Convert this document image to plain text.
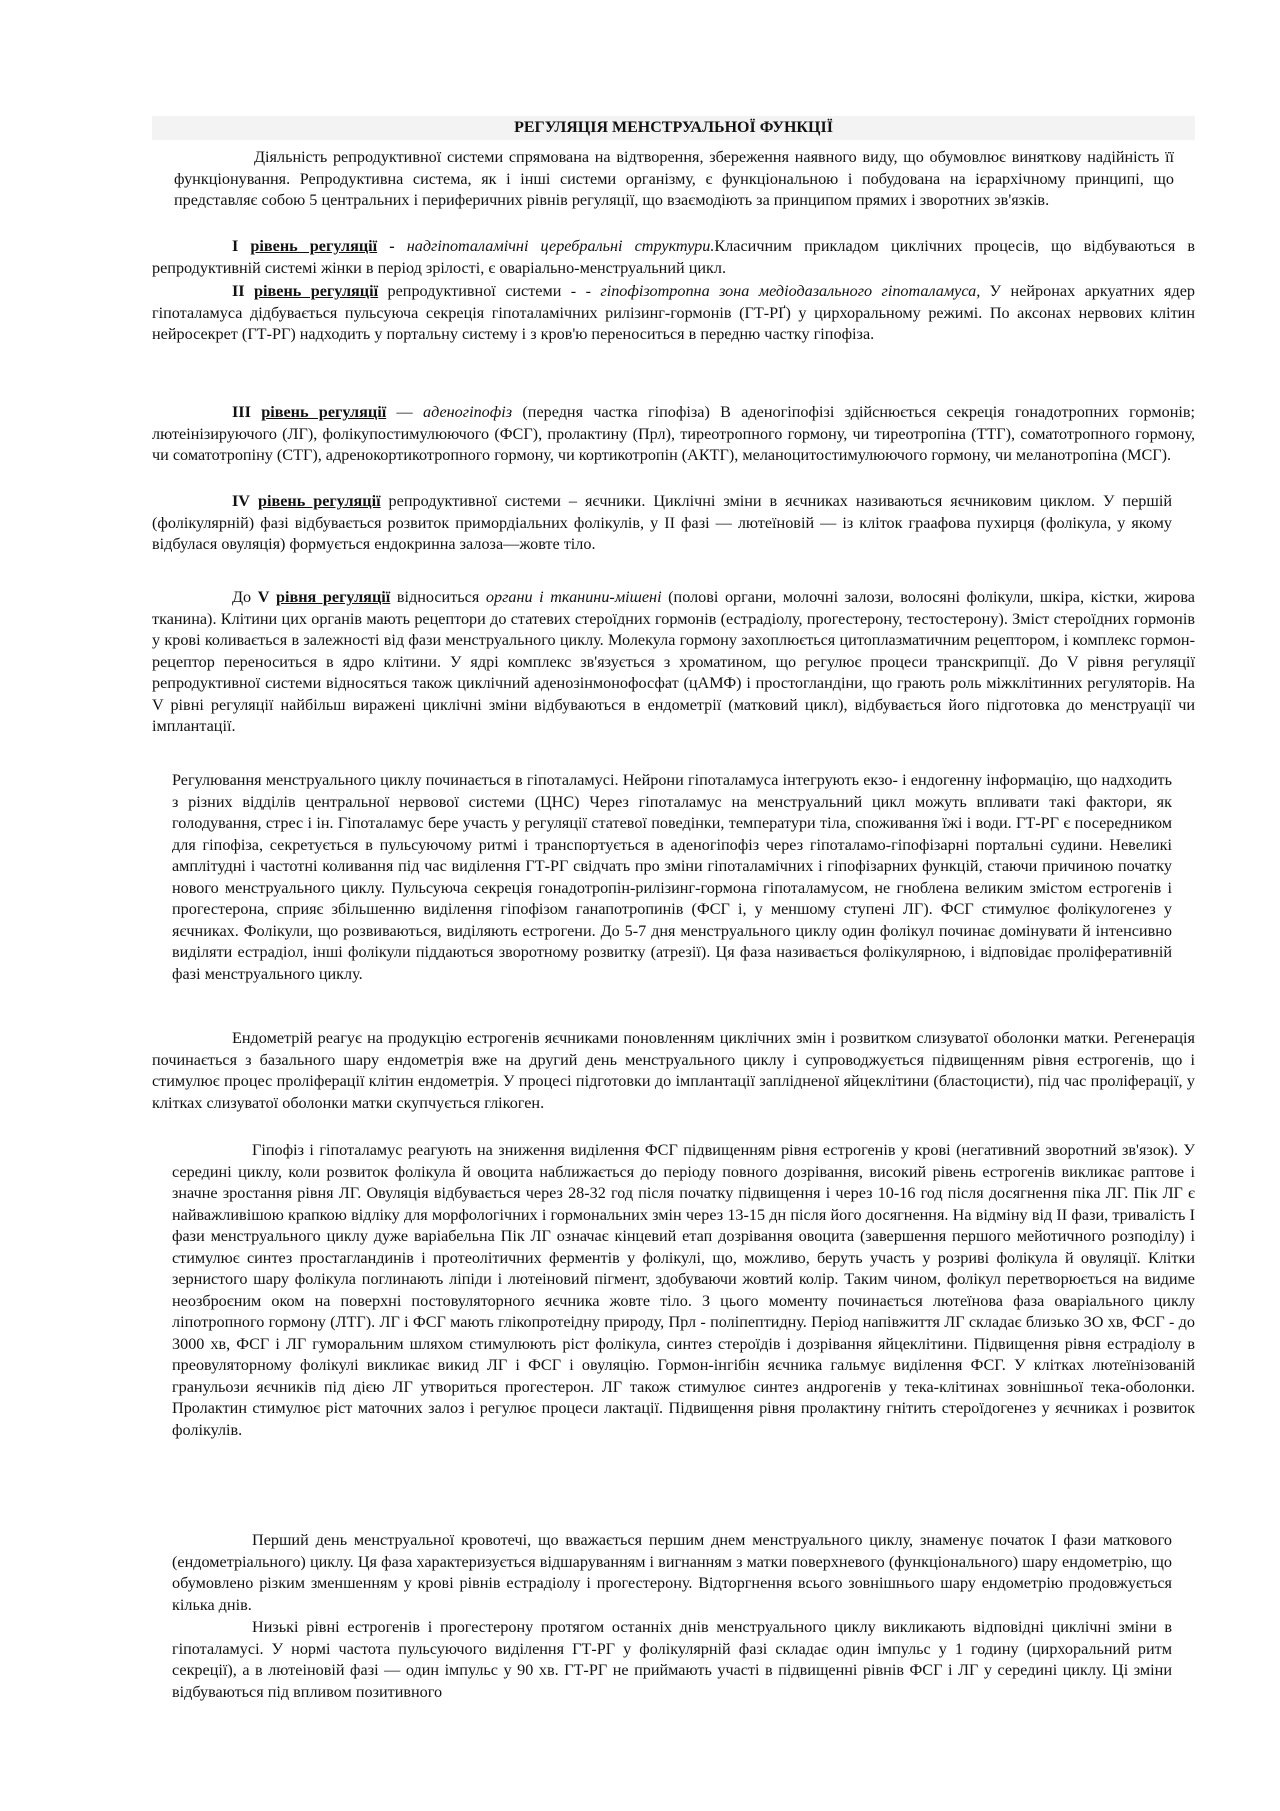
РЕГУЛЯЦІЯ МЕНСТРУАЛЬНОЇ ФУНКЦІЇ

Діяльність репродуктивної системи спрямована на відтворення, збереження наявного виду, що обумовлює виняткову надійність її функціонування. Репродуктивна система, як і інші системи організму, є функціональною і побудована на ієрархічному принципі, що представляє собою 5 центральних і периферичних рівнів регуляції, що взаємодіють за принципом прямих і зворотних зв'язків.

I рівень регуляції - надгіпоталамічні церебральні структури.Класичним прикладом циклічних процесів, що відбуваються в репродуктивній системі жінки в період зрілості, є оваріально-менструальний цикл.

II рівень регуляції репродуктивної системи - - гіпофізотропна зона медіодазального гіпоталамуса, У нейронах аркуатних ядер гіпоталамуса дідбувається пульсуюча секреція гіпоталамічних рилізинг-гормонів (ГТ-РҐ) у цирхоральному режимі. По аксонах нервових клітин нейросекрет (ГТ-РГ) надходить у портальну систему і з кров'ю переноситься в передню частку гіпофіза.

III рівень регуляції — аденогіпофіз (передня частка гіпофіза) В аденогіпофізі здійснюється секреція гонадотропних гормонів; лютеінізируючого (ЛГ), фолікупостимулюючого (ФСГ), пролактину (Прл), тиреотропного гормону, чи тиреотропіна (ТТГ), соматотропного гормону, чи соматотропіну (СТГ), адренокортикотропного гормону, чи кортикотропін (АКТГ), меланоцитостимулюючого гормону, чи меланотропіна (МСГ).

IV рівень регуляції репродуктивної системи – яєчники. Циклічні зміни в яєчниках називаються яєчниковим циклом. У першій (фолікулярній) фазі відбувається розвиток примордіальних фолікулів, у II фазі — лютеїновій — із кліток граафова пухирця (фолікула, у якому відбулася овуляція) формується ендокринна залоза—жовте тіло.

До V рівня регуляції відноситься органи і тканини-мішені (полові органи, молочні залози, волосяні фолікули, шкіра, кістки, жирова тканина). Клітини цих органів мають рецептори до статевих стероїдних гормонів (естрадіолу, прогестерону, тестостерону). Зміст стероїдних гормонів у крові коливається в залежності від фази менструального циклу. Молекула гормону захоплюється цитоплазматичним рецептором, і комплекс гормон-рецептор переноситься в ядро клітини. У ядрі комплекс зв'язується з хроматином, що регулює процеси транскрипції. До V рівня регуляції репродуктивної системи відносяться також циклічний аденозінмонофосфат (цАМФ) і простогландіни, що грають роль міжклітинних регуляторів. На V рівні регуляції найбільш виражені циклічні зміни відбуваються в ендометрії (матковий цикл), відбувається його підготовка до менструації чи імплантації.

Регулювання менструального циклу починається в гіпоталамусі. Нейрони гіпоталамуса інтегрують екзо- і ендогенну інформацію, що надходить з різних відділів центральної нервової системи (ЦНС) Через гіпоталамус на менструальний цикл можуть впливати такі фактори, як голодування, стрес і ін. Гіпоталамус бере участь у регуляції статевої поведінки, температури тіла, споживання їжі і води. ГТ-РГ є посередником для гіпофіза, секретується в пульсуючому ритмі і транспортується в аденогіпофіз через гіпоталамо-гіпофізарні портальні судини. Невеликі амплітудні і частотні коливання під час виділення ГТ-РГ свідчать про зміни гіпоталамічних і гіпофізарних функцій, стаючи причиною початку нового менструального циклу. Пульсуюча секреція гонадотропін-рилізинг-гормона гіпоталамусом, не гноблена великим змістом естрогенів і прогестерона, сприяє збільшенню виділення гіпофізом ганапотропинів (ФСГ і, у меншому ступені ЛГ). ФСГ стимулює фолікулогенез у яєчниках. Фолікули, що розвиваються, виділяють естрогени. До 5-7 дня менструального циклу один фолікул починає домінувати й інтенсивно виділяти естрадіол, інші фолікули піддаються зворотному розвитку (атрезії). Ця фаза називається фолікулярною, і відповідає проліферативній фазі менструального циклу.

Ендометрій реагує на продукцію естрогенів яєчниками поновленням циклічних змін і розвитком слизуватої оболонки матки. Регенерація починається з базального шару ендометрія вже на другий день менструального циклу і супроводжується підвищенням рівня естрогенів, що і стимулює процес проліферації клітин ендометрія. У процесі підготовки до імплантації заплідненої яйцеклітини (бластоцисти), під час проліферації, у клітках слизуватої оболонки матки скупчується глікоген.

Гіпофіз і гіпоталамус реагують на зниження виділення ФСГ підвищенням рівня естрогенів у крові (негативний зворотний зв'язок). У середині циклу, коли розвиток фолікула й овоцита наближається до періоду повного дозрівання, високий рівень естрогенів викликає раптове і значне зростання рівня ЛГ. Овуляція відбувається через 28-32 год після початку підвищення і через 10-16 год після досягнення піка ЛГ. Пік ЛГ є найважливішою крапкою відліку для морфологічних і гормональних змін через 13-15 дн після його досягнення. На відміну від II фази, тривалість I фази менструального циклу дуже варіабельна Пік ЛГ означає кінцевий етап дозрівання овоцита (завершення першого мейотичного розподілу) і стимулює синтез простагландинів і протеолітичних ферментів у фолікулі, що, можливо, беруть участь у розриві фолікула й овуляції. Клітки зернистого шару фолікула поглинають ліпіди і лютеіновий пігмент, здобуваючи жовтий колір. Таким чином, фолікул перетворюється на видиме неозброєним оком на поверхні постовуляторного яєчника жовте тіло. З цього моменту починається лютеїнова фаза оваріального циклу ліпотропного гормону (ЛТГ). ЛГ і ФСГ мають глікопротеідну природу, Прл - поліпептидну. Період напівжиття ЛГ складає близько ЗО хв, ФСГ - до 3000 хв, ФСГ і ЛГ гуморальним шляхом стимулюють ріст фолікула, синтез стероїдів і дозрівання яйцеклітини. Підвищення рівня естрадіолу в преовуляторному фолікулі викликає викид ЛГ і ФСГ і овуляцію. Гормон-інгібін яєчника гальмує виділення ФСГ. У клітках лютеїнізованій гранульози яєчників під дією ЛГ утвориться прогестерон. ЛГ також стимулює синтез андрогенів у тека-клітинах зовнішньої тека-оболонки. Пролактин стимулює ріст маточних залоз і регулює процеси лактації. Підвищення рівня пролактину гнітить стероїдогенез у яєчниках і розвиток фолікулів.

Перший день менструальної кровотечі, що вважається першим днем менструального циклу, знаменує початок I фази маткового (ендометріального) циклу. Ця фаза характеризується відшаруванням і вигнанням з матки поверхневого (функціонального) шару ендометрію, що обумовлено різким зменшенням у крові рівнів естрадіолу і прогестерону. Відторгнення всього зовнішнього шару ендометрію продовжується кілька днів.

Низькі рівні естрогенів і прогестерону протягом останніх днів менструального циклу викликають відповідні циклічні зміни в гіпоталамусі. У нормі частота пульсуючого виділення ГТ-РГ у фолікулярній фазі складає один імпульс у 1 годину (цирхоральний ритм секреції), а в лютеіновій фазі — один імпульс у 90 хв. ГТ-РГ не приймають участі в підвищенні рівнів ФСГ і ЛГ у середині циклу. Ці зміни відбуваються під впливом позитивного
